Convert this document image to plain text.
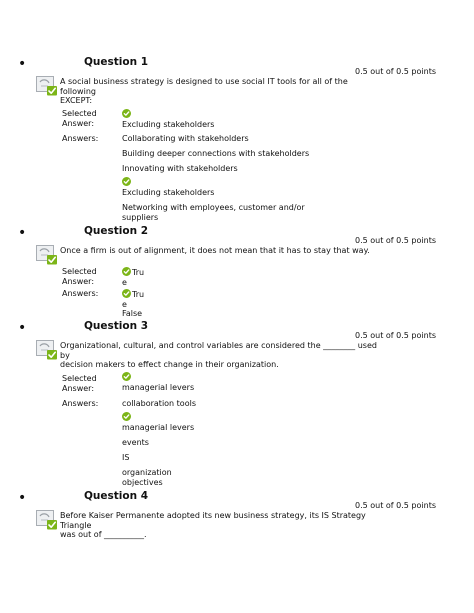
•	Question 1
0.5 out of 0.5 points
A social business strategy is designed to use social IT tools for all of the following
EXCEPT:
Selected
Answer:	Excluding stakeholders
Answers:	Collaborating with stakeholders
Building deeper connections with stakeholders
Innovating with stakeholders
Excluding stakeholders
Networking with employees, customer and/or
suppliers
•	Question 2
0.5 out of 0.5 points
Once a firm is out of alignment, it does not mean that it has to stay that way.
Selected
Answer:
Tru
e
Answers:	Tru
e
False
•	Question 3
0.5 out of 0.5 points
Organizational, cultural, and control variables are considered the ________ used by
decision makers to effect change in their organization.
Selected
Answer:	managerial levers
Answers:	collaboration tools
managerial levers
events
IS
organization
objectives
•	Question 4
0.5 out of 0.5 points
Before Kaiser Permanente adopted its new business strategy, its IS Strategy Triangle
was out of __________.
